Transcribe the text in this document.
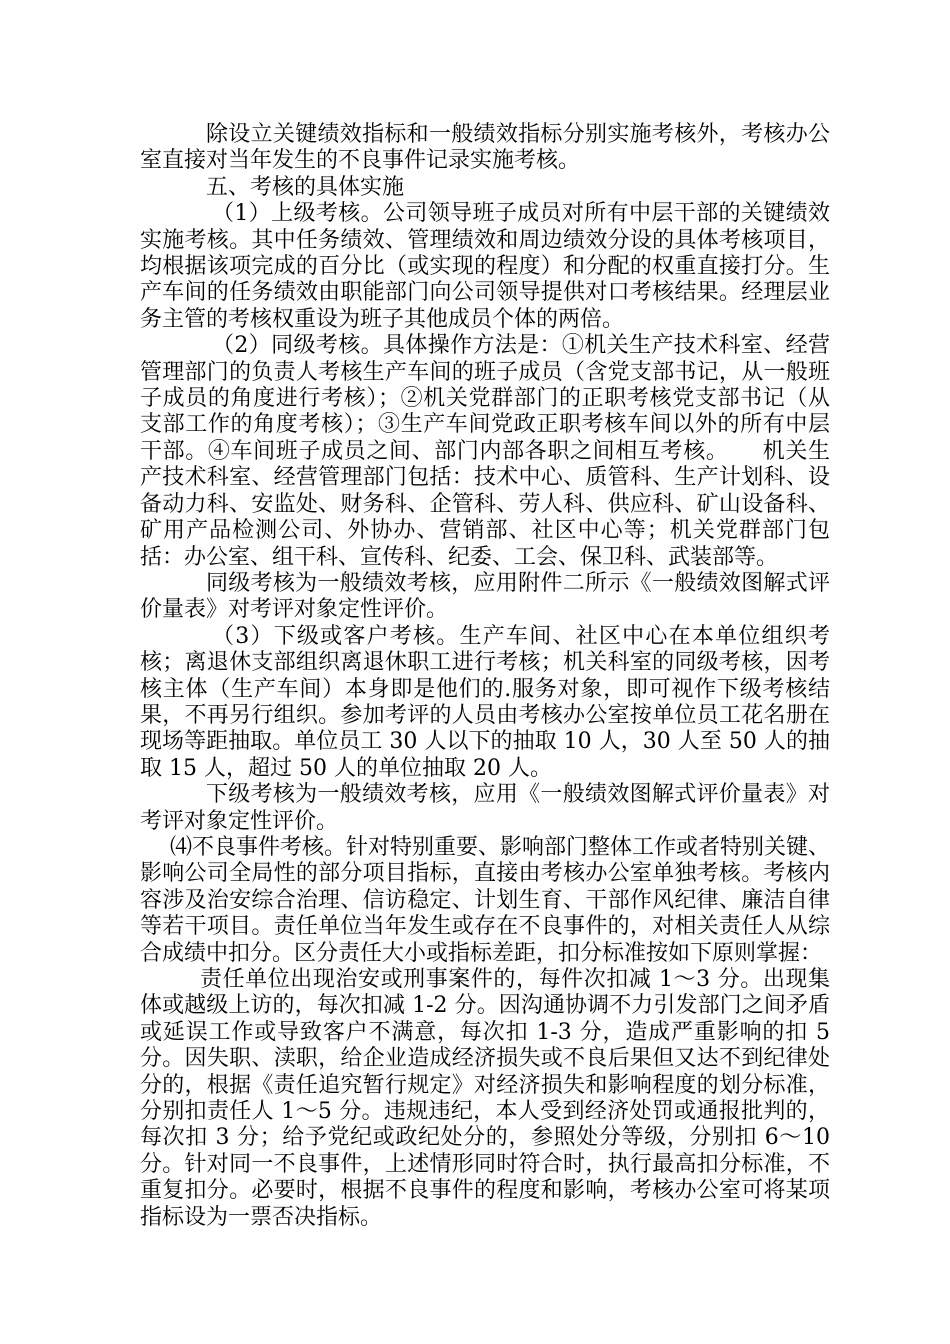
除设立关键绩效指标和一般绩效指标分别实施考核外，考核办公室直接对当年发生的不良事件记录实施考核。

五、考核的具体实施

（1）上级考核。公司领导班子成员对所有中层干部的关键绩效实施考核。其中任务绩效、管理绩效和周边绩效分设的具体考核项目，均根据该项完成的百分比（或实现的程度）和分配的权重直接打分。生产车间的任务绩效由职能部门向公司领导提供对口考核结果。经理层业务主管的考核权重设为班子其他成员个体的两倍。

（2）同级考核。具体操作方法是：①机关生产技术科室、经营管理部门的负责人考核生产车间的班子成员（含党支部书记，从一般班子成员的角度进行考核）；②机关党群部门的正职考核党支部书记（从支部工作的角度考核）；③生产车间党政正职考核车间以外的所有中层干部。④车间班子成员之间、部门内部各职之间相互考核。　　机关生产技术科室、经营管理部门包括：技术中心、质管科、生产计划科、设备动力科、安监处、财务科、企管科、劳人科、供应科、矿山设备科、矿用产品检测公司、外协办、营销部、社区中心等；机关党群部门包括：办公室、组干科、宣传科、纪委、工会、保卫科、武装部等。

同级考核为一般绩效考核，应用附件二所示《一般绩效图解式评价量表》对考评对象定性评价。

（3）下级或客户考核。生产车间、社区中心在本单位组织考核；离退休支部组织离退休职工进行考核；机关科室的同级考核，因考核主体（生产车间）本身即是他们的.服务对象，即可视作下级考核结果，不再另行组织。参加考评的人员由考核办公室按单位员工花名册在现场等距抽取。单位员工 30 人以下的抽取 10 人，30 人至 50 人的抽取 15 人，超过 50 人的单位抽取 20 人。

下级考核为一般绩效考核，应用《一般绩效图解式评价量表》对考评对象定性评价。

⑷不良事件考核。针对特别重要、影响部门整体工作或者特别关键、影响公司全局性的部分项目指标，直接由考核办公室单独考核。考核内容涉及治安综合治理、信访稳定、计划生育、干部作风纪律、廉洁自律等若干项目。责任单位当年发生或存在不良事件的，对相关责任人从综合成绩中扣分。区分责任大小或指标差距，扣分标准按如下原则掌握：

责任单位出现治安或刑事案件的，每件次扣减 1～3 分。出现集体或越级上访的，每次扣减 1-2 分。因沟通协调不力引发部门之间矛盾或延误工作或导致客户不满意，每次扣 1-3 分，造成严重影响的扣 5 分。因失职、渎职，给企业造成经济损失或不良后果但又达不到纪律处分的，根据《责任追究暂行规定》对经济损失和影响程度的划分标准，分别扣责任人 1～5 分。违规违纪，本人受到经济处罚或通报批判的，每次扣 3 分；给予党纪或政纪处分的，参照处分等级，分别扣 6～10 分。针对同一不良事件，上述情形同时符合时，执行最高扣分标准，不重复扣分。必要时，根据不良事件的程度和影响，考核办公室可将某项指标设为一票否决指标。
